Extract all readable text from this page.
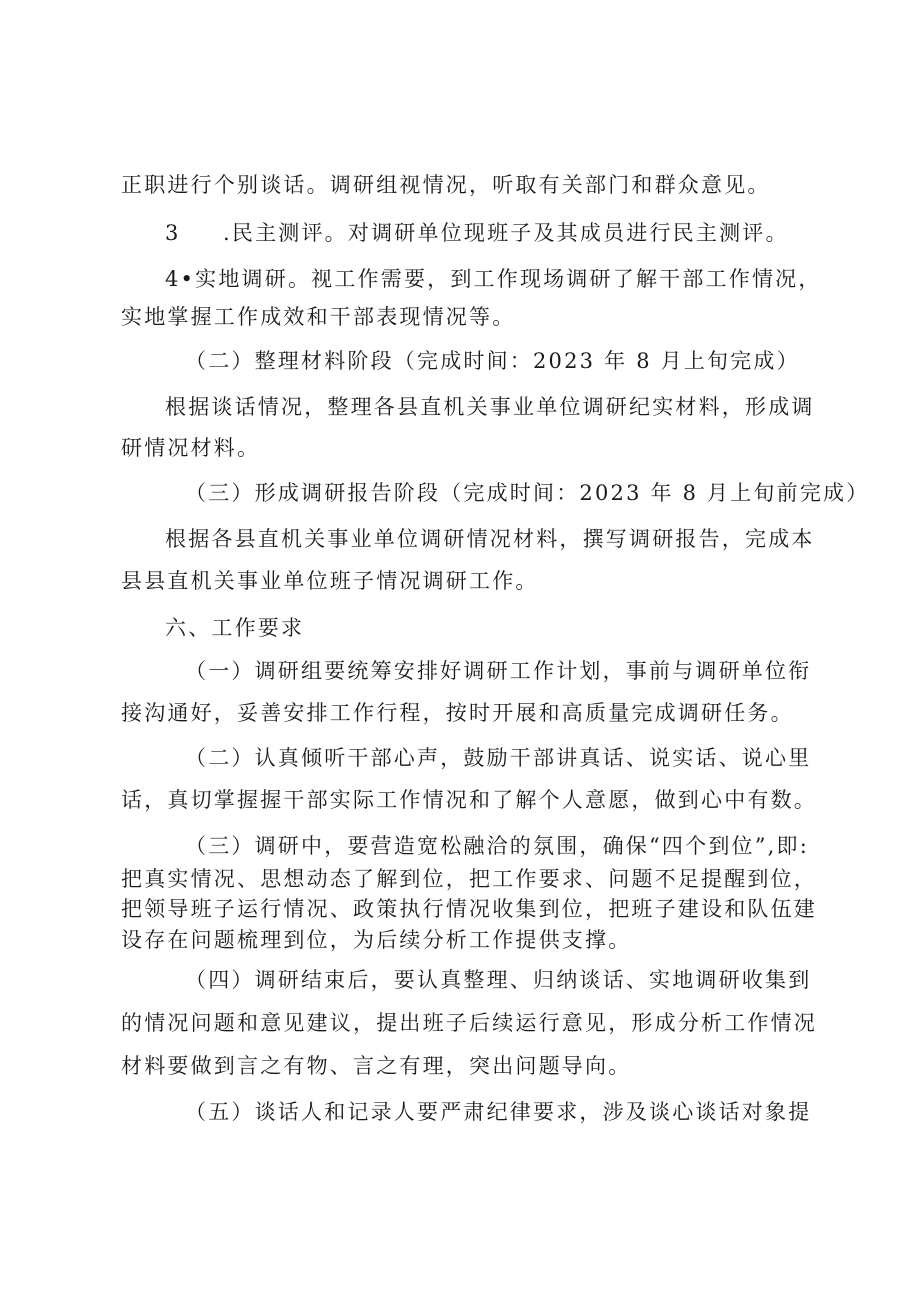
正职进行个别谈话。调研组视情况，听取有关部门和群众意见。
3 .民主测评。对调研单位现班子及其成员进行民主测评。
4•实地调研。视工作需要，到工作现场调研了解干部工作情况，
实地掌握工作成效和干部表现情况等。
（二）整理材料阶段（完成时间：2023 年 8 月上旬完成）
根据谈话情况，整理各县直机关事业单位调研纪实材料，形成调
研情况材料。
（三）形成调研报告阶段（完成时间：2023 年 8 月上旬前完成）
根据各县直机关事业单位调研情况材料，撰写调研报告，完成本
县县直机关事业单位班子情况调研工作。
六、工作要求
（一）调研组要统筹安排好调研工作计划，事前与调研单位衔
接沟通好，妥善安排工作行程，按时开展和高质量完成调研任务。
（二）认真倾听干部心声，鼓励干部讲真话、说实话、说心里
话，真切掌握握干部实际工作情况和了解个人意愿，做到心中有数。
（三）调研中，要营造宽松融洽的氛围，确保“四个到位”,即:
把真实情况、思想动态了解到位，把工作要求、问题不足提醒到位，
把领导班子运行情况、政策执行情况收集到位，把班子建设和队伍建
设存在问题梳理到位，为后续分析工作提供支撑。
（四）调研结束后，要认真整理、归纳谈话、实地调研收集到
的情况问题和意见建议，提出班子后续运行意见，形成分析工作情况
材料要做到言之有物、言之有理，突出问题导向。
（五）谈话人和记录人要严肃纪律要求，涉及谈心谈话对象提
